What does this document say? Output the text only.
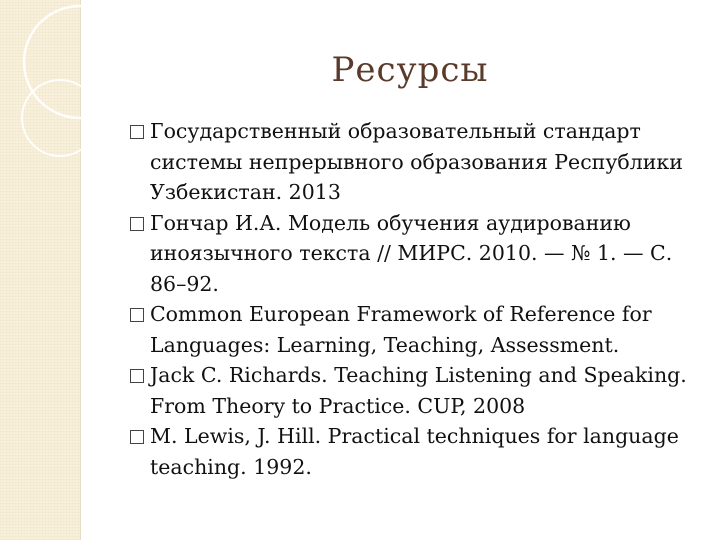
Ресурсы
Государственный образовательный стандарт системы непрерывного образования Республики Узбекистан. 2013
Гончар И.А. Модель обучения аудированию иноязычного текста // МИРС. 2010. — № 1. — С. 86–92.
Common European Framework of Reference for Languages: Learning, Teaching, Assessment.
Jack C. Richards. Teaching Listening and Speaking. From Theory to Practice. CUP, 2008
M. Lewis, J. Hill. Practical techniques for language teaching. 1992.
